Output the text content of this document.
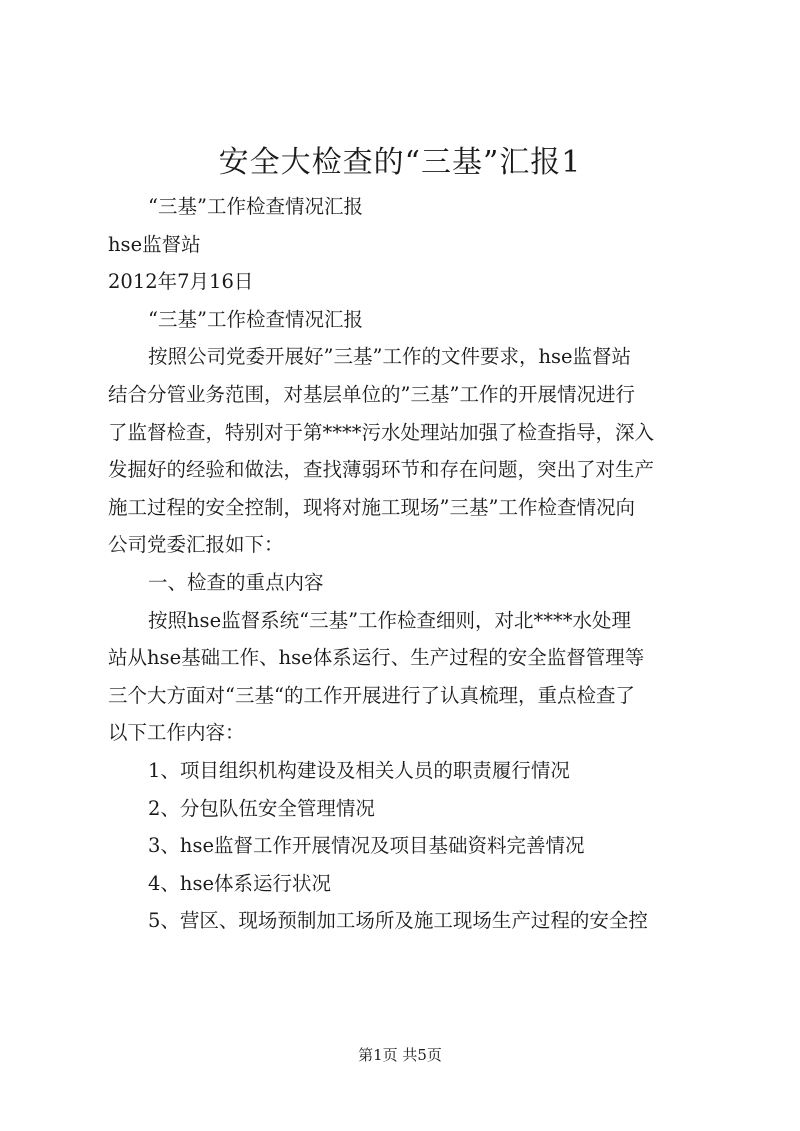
安全大检查的“三基”汇报1

“三基”工作检查情况汇报

hse监督站

2012年7月16日

“三基”工作检查情况汇报

按照公司党委开展好”三基”工作的文件要求，hse监督站
结合分管业务范围，对基层单位的”三基”工作的开展情况进行
了监督检查，特别对于第****污水处理站加强了检查指导，深入
发掘好的经验和做法，查找薄弱环节和存在问题，突出了对生产
施工过程的安全控制，现将对施工现场”三基”工作检查情况向
公司党委汇报如下：

一、检查的重点内容

按照hse监督系统“三基”工作检查细则，对北****水处理
站从hse基础工作、hse体系运行、生产过程的安全监督管理等
三个大方面对“三基“的工作开展进行了认真梳理，重点检查了
以下工作内容：

1、项目组织机构建设及相关人员的职责履行情况

2、分包队伍安全管理情况

3、hse监督工作开展情况及项目基础资料完善情况

4、hse体系运行状况

5、营区、现场预制加工场所及施工现场生产过程的安全控

第1页 共5页
